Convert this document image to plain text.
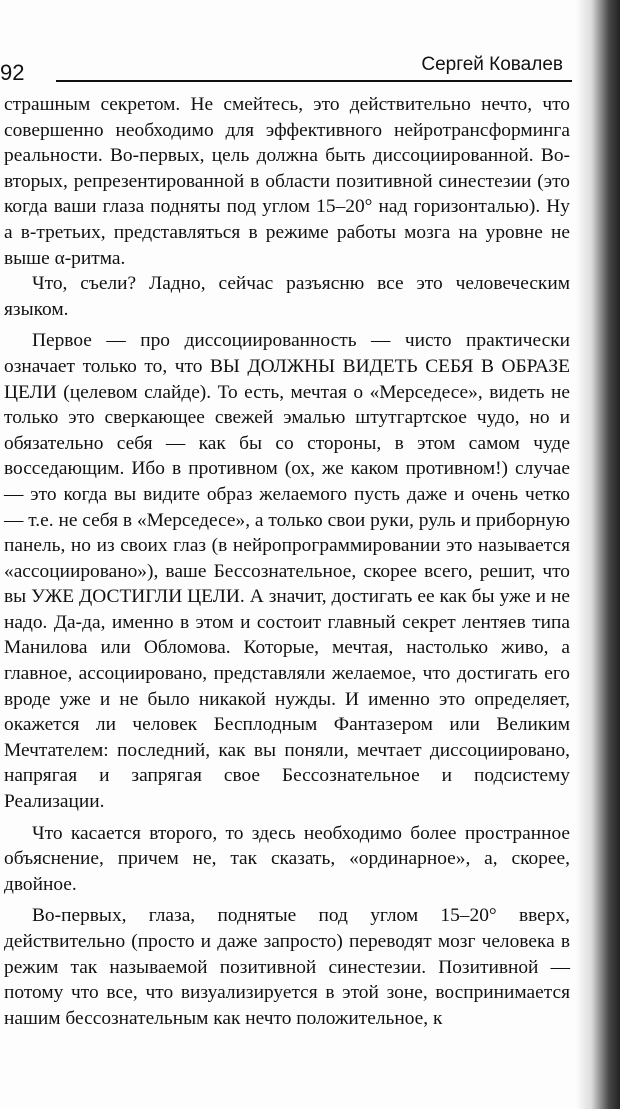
92	Сергей Ковалев

страшным секретом. Не смейтесь, это действительно нечто, что совершенно необходимо для эффективного нейротрансформинга реальности. Во-первых, цель должна быть диссоциированной. Во-вторых, репрезентированной в области позитивной синестезии (это когда ваши глаза подняты под углом 15–20° над горизонталью). Ну а в-третьих, представляться в режиме работы мозга на уровне не выше α-ритма.

Что, съели? Ладно, сейчас разъясню все это человеческим языком.

Первое — про диссоциированность — чисто практически означает только то, что ВЫ ДОЛЖНЫ ВИДЕТЬ СЕБЯ В ОБРАЗЕ ЦЕЛИ (целевом слайде). То есть, мечтая о «Мерседесе», видеть не только это сверкающее свежей эмалью штутгартское чудо, но и обязательно себя — как бы со стороны, в этом самом чуде восседающим. Ибо в противном (ох, же каком противном!) случае — это когда вы видите образ желаемого пусть даже и очень четко — т.е. не себя в «Мерседесе», а только свои руки, руль и приборную панель, но из своих глаз (в нейропрограммировании это называется «ассоциировано»), ваше Бессознательное, скорее всего, решит, что вы УЖЕ ДОСТИГЛИ ЦЕЛИ. А значит, достигать ее как бы уже и не надо. Да-да, именно в этом и состоит главный секрет лентяев типа Манилова или Обломова. Которые, мечтая, настолько живо, а главное, ассоциировано, представляли желаемое, что достигать его вроде уже и не было никакой нужды. И именно это определяет, окажется ли человек Бесплодным Фантазером или Великим Мечтателем: последний, как вы поняли, мечтает диссоциировано, напрягая и запрягая свое Бессознательное и подсистему Реализации.

Что касается второго, то здесь необходимо более пространное объяснение, причем не, так сказать, «ординарное», а, скорее, двойное.

Во-первых, глаза, поднятые под углом 15–20° вверх, действительно (просто и даже запросто) переводят мозг человека в режим так называемой позитивной синестезии. Позитивной — потому что все, что визуализируется в этой зоне, воспринимается нашим бессознательным как нечто положительное, к
